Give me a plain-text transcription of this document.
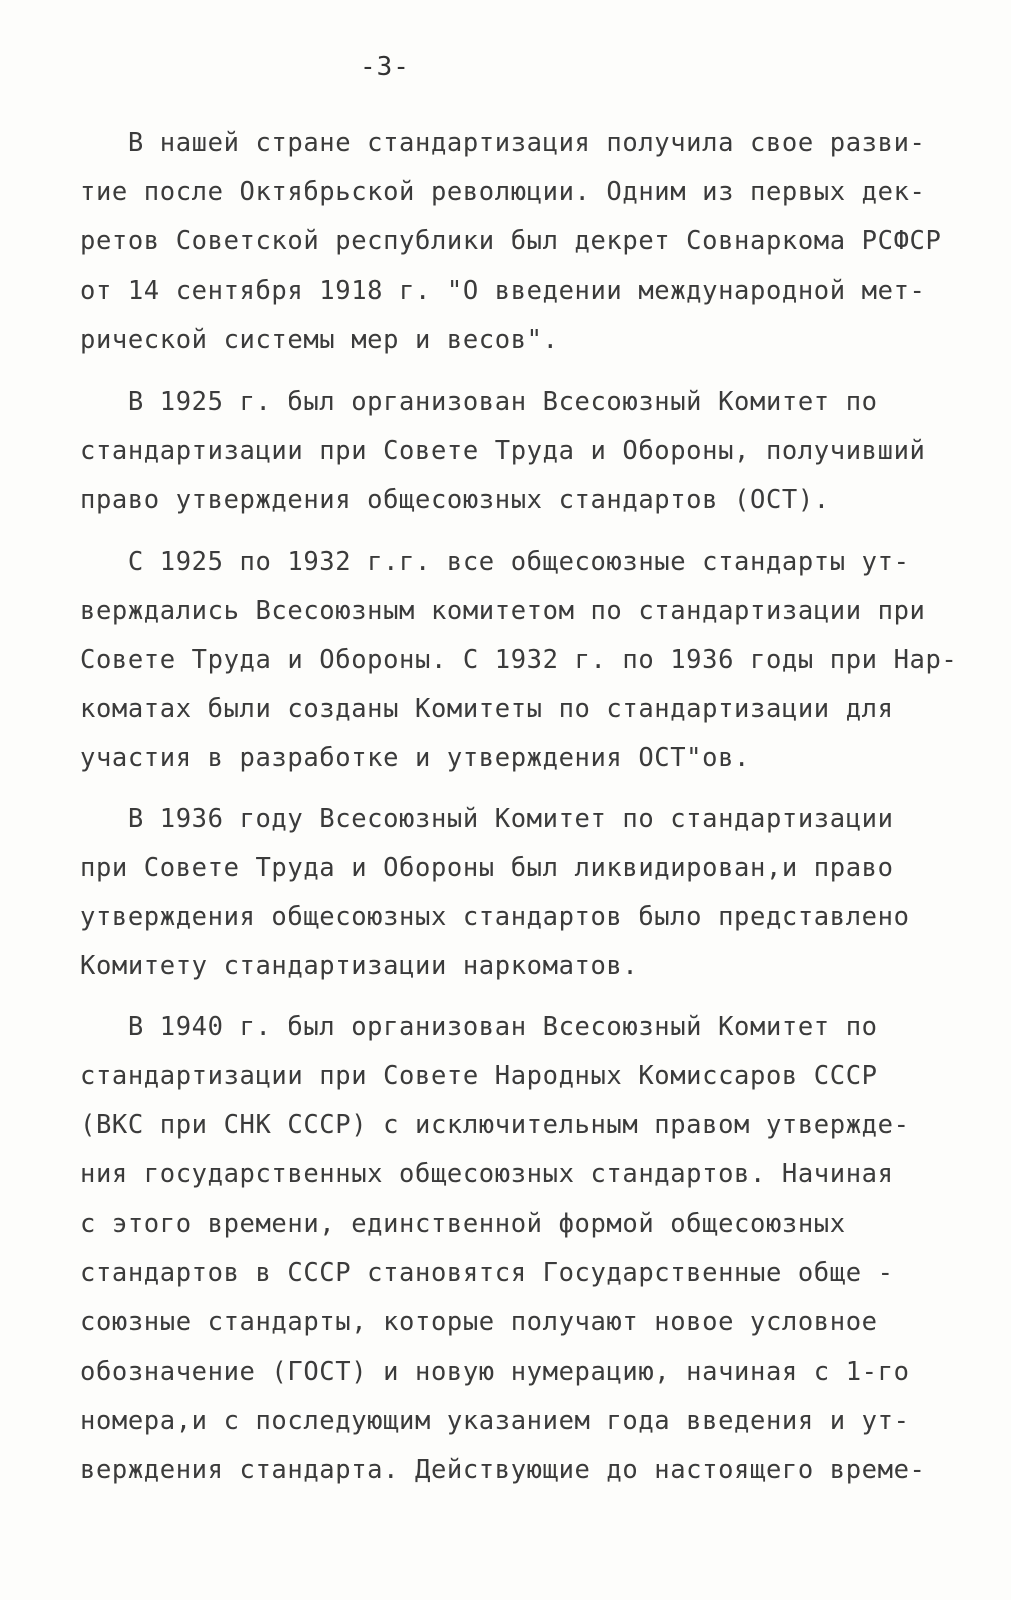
-3-
В нашей стране стандартизация получила свое разви-
тие после Октябрьской революции. Одним из первых дек-
ретов Советской республики был декрет Совнаркома РСФСР
от 14 сентября 1918 г. "О введении международной мет-
рической системы мер и весов".
В 1925 г. был организован Всесоюзный Комитет по
стандартизации при Совете Труда и Обороны, получивший
право утверждения общесоюзных стандартов (ОСТ).
С 1925 по 1932 г.г. все общесоюзные стандарты ут-
верждались Всесоюзным комитетом по стандартизации при
Совете Труда и Обороны. С 1932 г. по 1936 годы при Нар-
коматах были созданы Комитеты по стандартизации для
участия в разработке и утверждения ОСТ"ов.
В 1936 году Всесоюзный Комитет по стандартизации
при Совете Труда и Обороны был ликвидирован,и право
утверждения общесоюзных стандартов было представлено
Комитету стандартизации наркоматов.
В 1940 г. был организован Всесоюзный Комитет по
стандартизации при Совете Народных Комиссаров СССР
(ВКС при СНК СССР) с исключительным правом утвержде-
ния государственных общесоюзных стандартов. Начиная
с этого времени, единственной формой общесоюзных
стандартов в СССР становятся Государственные обще -
союзные стандарты, которые получают новое условное
обозначение (ГОСТ) и новую нумерацию, начиная с 1-го
номера,и с последующим указанием года введения и ут-
верждения стандарта. Действующие до настоящего време-
